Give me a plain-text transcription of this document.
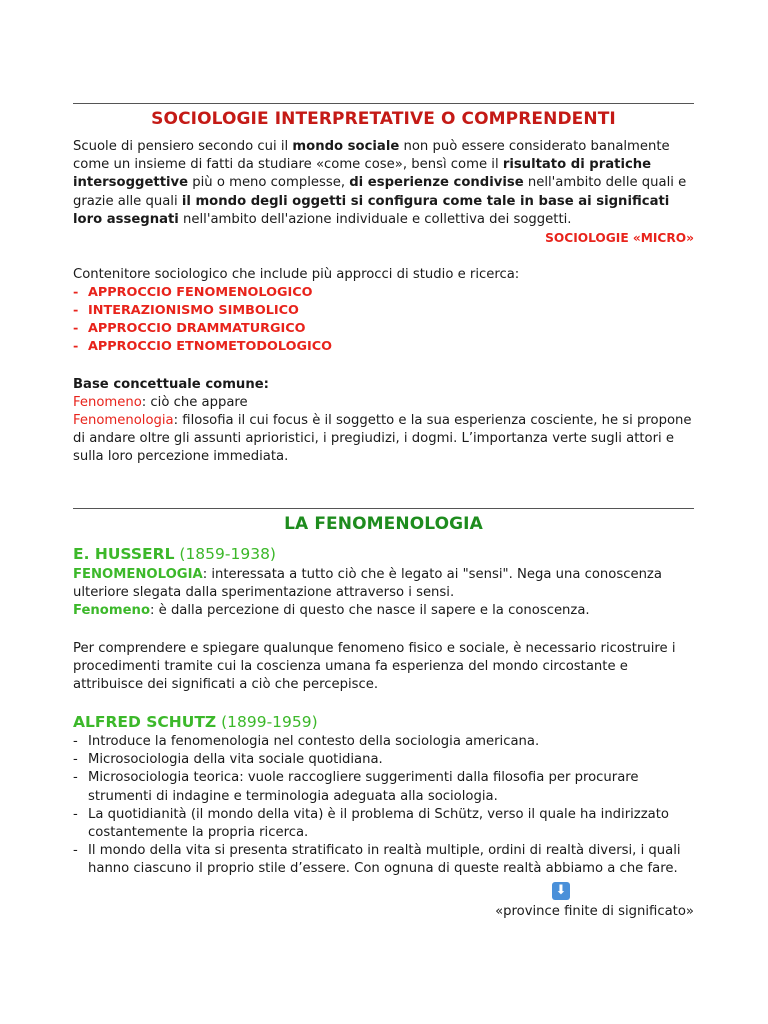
SOCIOLOGIE INTERPRETATIVE O COMPRENDENTI

Scuole di pensiero secondo cui il mondo sociale non può essere considerato banalmente come un insieme di fatti da studiare «come cose», bensì come il risultato di pratiche intersoggettive più o meno complesse, di esperienze condivise nell'ambito delle quali e grazie alle quali il mondo degli oggetti si configura come tale in base ai significati loro assegnati nell'ambito dell'azione individuale e collettiva dei soggetti.

SOCIOLOGIE «MICRO»

Contenitore sociologico che include più approcci di studio e ricerca:

- APPROCCIO FENOMENOLOGICO
- INTERAZIONISMO SIMBOLICO
- APPROCCIO DRAMMATURGICO
- APPROCCIO ETNOMETODOLOGICO

Base concettuale comune:

Fenomeno: ciò che appare

Fenomenologia: filosofia il cui focus è il soggetto e la sua esperienza cosciente, he si propone di andare oltre gli assunti aprioristici, i pregiudizi, i dogmi. L’importanza verte sugli attori e sulla loro percezione immediata.

LA FENOMENOLOGIA
E. HUSSERL (1859-1938)

FENOMENOLOGIA: interessata a tutto ciò che è legato ai "sensi". Nega una conoscenza ulteriore slegata dalla sperimentazione attraverso i sensi.

Fenomeno: è dalla percezione di questo che nasce il sapere e la conoscenza.

Per comprendere e spiegare qualunque fenomeno fisico e sociale, è necessario ricostruire i procedimenti tramite cui la coscienza umana fa esperienza del mondo circostante e attribuisce dei significati a ciò che percepisce.

ALFRED SCHUTZ (1899-1959)
- Introduce la fenomenologia nel contesto della sociologia americana.
- Microsociologia della vita sociale quotidiana.
- Microsociologia teorica: vuole raccogliere suggerimenti dalla filosofia per procurare strumenti di indagine e terminologia adeguata alla sociologia.
- La quotidianità (il mondo della vita) è il problema di Schütz, verso il quale ha indirizzato costantemente la propria ricerca.
- Il mondo della vita si presenta stratificato in realtà multiple, ordini di realtà diversi, i quali hanno ciascuno il proprio stile d’essere. Con ognuna di queste realtà abbiamo a che fare.
⬇
«province finite di significato»
